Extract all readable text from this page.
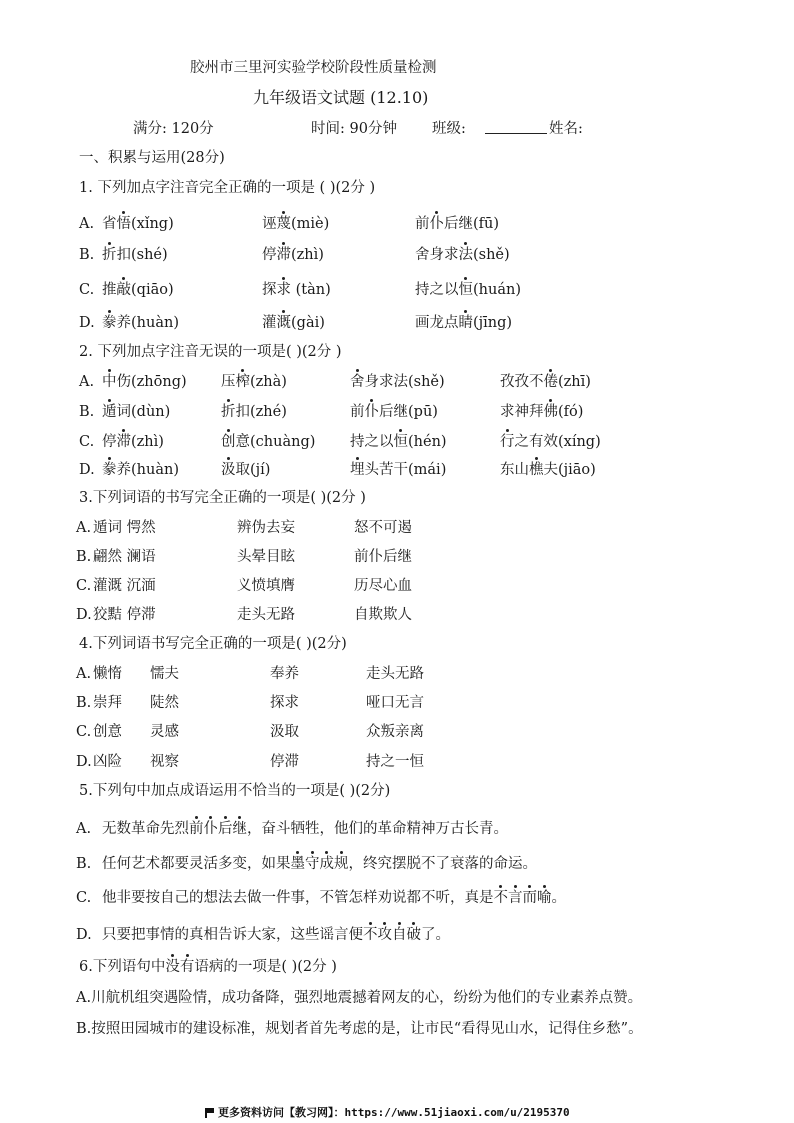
胶州市三里河实验学校阶段性质量检测
九年级语文试题 (12.10)
满分: 120分	时间: 90分钟 班级:	姓名:
一、积累与运用(28分)
1. 下列加点字注音完全正确的一项是 ( )(2分 )
A. 省悟(xǐng)	诬蔑(miè)	前仆后继(fū)
B. 折扣(shé)	停滞(zhì)	舍身求法(shě)
C. 推敲(qiāo)	探求 (tàn)	持之以恒(huán)
D. 豢养(huàn)	灌溉(gài)	画龙点睛(jīng)
2. 下列加点字注音无误的一项是( )(2分 )
A. 中伤(zhōng) 压榨(zhà)	舍身求法(shě)	孜孜不倦(zhī)
B. 遁词(dùn)	折扣(zhé)	前仆后继(pū)	求神拜佛(fó)
C. 停滞(zhì)	创意(chuàng) 持之以恒(hén)	行之有效(xíng)
D. 豢养(huàn)	汲取(jí)	埋头苦干(mái)	东山樵夫(jiāo)
3.下列词语的书写完全正确的一项是( )(2分 )
A. 遁词 愕然	辨伪去妄	怒不可遏
B. 翩然 澜语	头晕目眩	前仆后继
C. 灌溉 沉湎	义愤填膺	历尽心血
D. 狡黠 停滞	走头无路	自欺欺人
4.下列词语书写完全正确的一项是( )(2分)
A. 懒惰 懦夫	奉养	走头无路
B. 崇拜 陡然	探求	哑口无言
C. 创意 灵感	汲取	众叛亲离
D. 凶险 视察	停滞	持之一恒
5.下列句中加点成语运用不恰当的一项是( )(2分)
A. 无数革命先烈前仆后继，奋斗牺牲，他们的革命精神万古长青。
B. 任何艺术都要灵活多变，如果墨守成规，终究摆脱不了衰落的命运。
C. 他非要按自己的想法去做一件事，不管怎样劝说都不听，真是不言而喻。
D. 只要把事情的真相告诉大家，这些谣言便不攻自破了。
6.下列语句中没有语病的一项是( )(2分 )
A.川航机组突遇险情，成功备降，强烈地震撼着网友的心，纷纷为他们的专业素养点赞。
B.按照田园城市的建设标准，规划者首先考虑的是，让市民“看得见山水，记得住乡愁”。
更多资料访问【教习网】：https://www.51jiaoxi.com/u/2195370
